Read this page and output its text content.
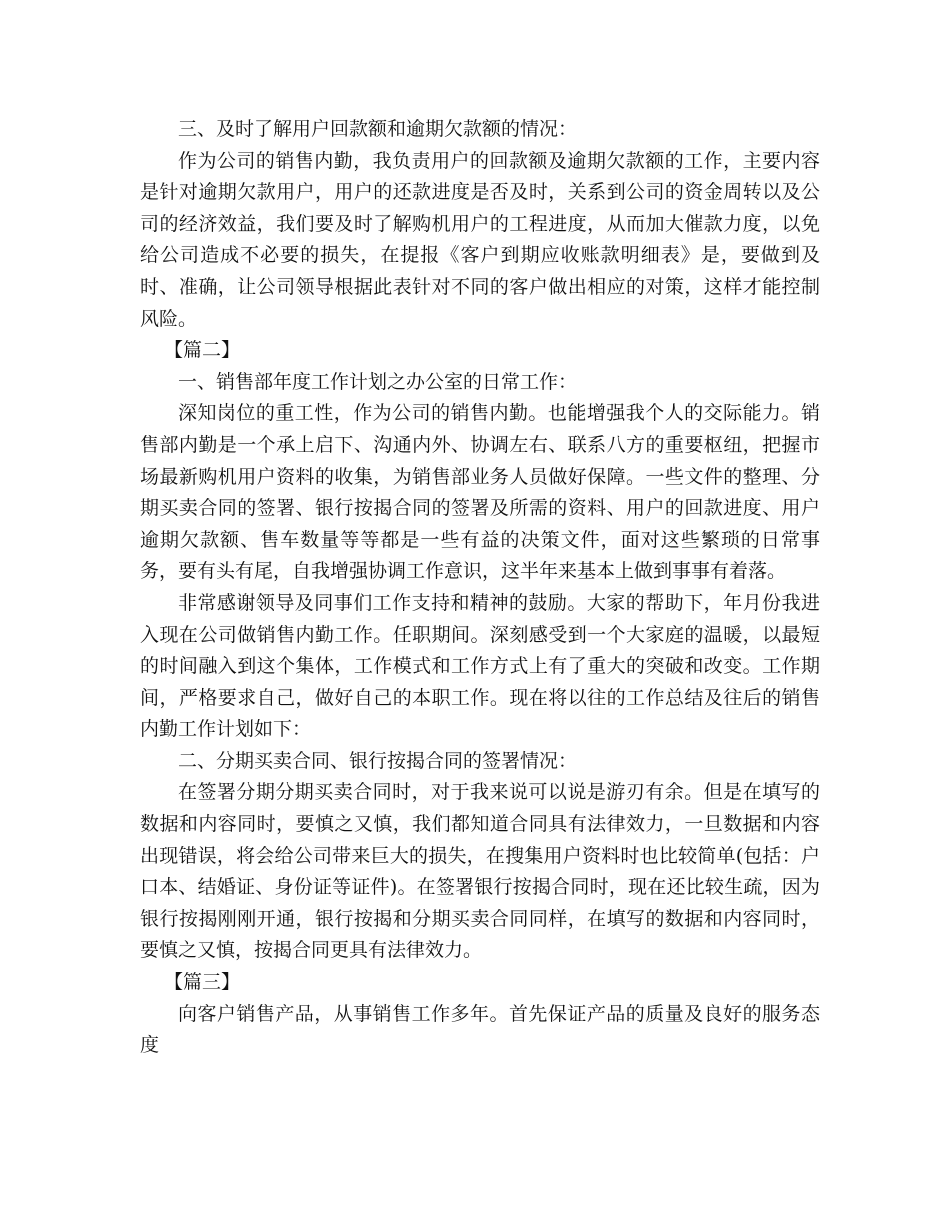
三、及时了解用户回款额和逾期欠款额的情况：

作为公司的销售内勤，我负责用户的回款额及逾期欠款额的工作，主要内容是针对逾期欠款用户，用户的还款进度是否及时，关系到公司的资金周转以及公司的经济效益，我们要及时了解购机用户的工程进度，从而加大催款力度，以免给公司造成不必要的损失，在提报《客户到期应收账款明细表》是，要做到及时、准确，让公司领导根据此表针对不同的客户做出相应的对策，这样才能控制风险。

【篇二】

一、销售部年度工作计划之办公室的日常工作：

深知岗位的重工性，作为公司的销售内勤。也能增强我个人的交际能力。销售部内勤是一个承上启下、沟通内外、协调左右、联系八方的重要枢纽，把握市场最新购机用户资料的收集，为销售部业务人员做好保障。一些文件的整理、分期买卖合同的签署、银行按揭合同的签署及所需的资料、用户的回款进度、用户逾期欠款额、售车数量等等都是一些有益的决策文件，面对这些繁琐的日常事务，要有头有尾，自我增强协调工作意识，这半年来基本上做到事事有着落。

非常感谢领导及同事们工作支持和精神的鼓励。大家的帮助下，年月份我进入现在公司做销售内勤工作。任职期间。深刻感受到一个大家庭的温暖，以最短的时间融入到这个集体，工作模式和工作方式上有了重大的突破和改变。工作期间，严格要求自己，做好自己的本职工作。现在将以往的工作总结及往后的销售内勤工作计划如下：

二、分期买卖合同、银行按揭合同的签署情况：

在签署分期分期买卖合同时，对于我来说可以说是游刃有余。但是在填写的数据和内容同时，要慎之又慎，我们都知道合同具有法律效力，一旦数据和内容出现错误，将会给公司带来巨大的损失，在搜集用户资料时也比较简单(包括：户口本、结婚证、身份证等证件)。在签署银行按揭合同时，现在还比较生疏，因为银行按揭刚刚开通，银行按揭和分期买卖合同同样，在填写的数据和内容同时，要慎之又慎，按揭合同更具有法律效力。

【篇三】

向客户销售产品，从事销售工作多年。首先保证产品的质量及良好的服务态度
